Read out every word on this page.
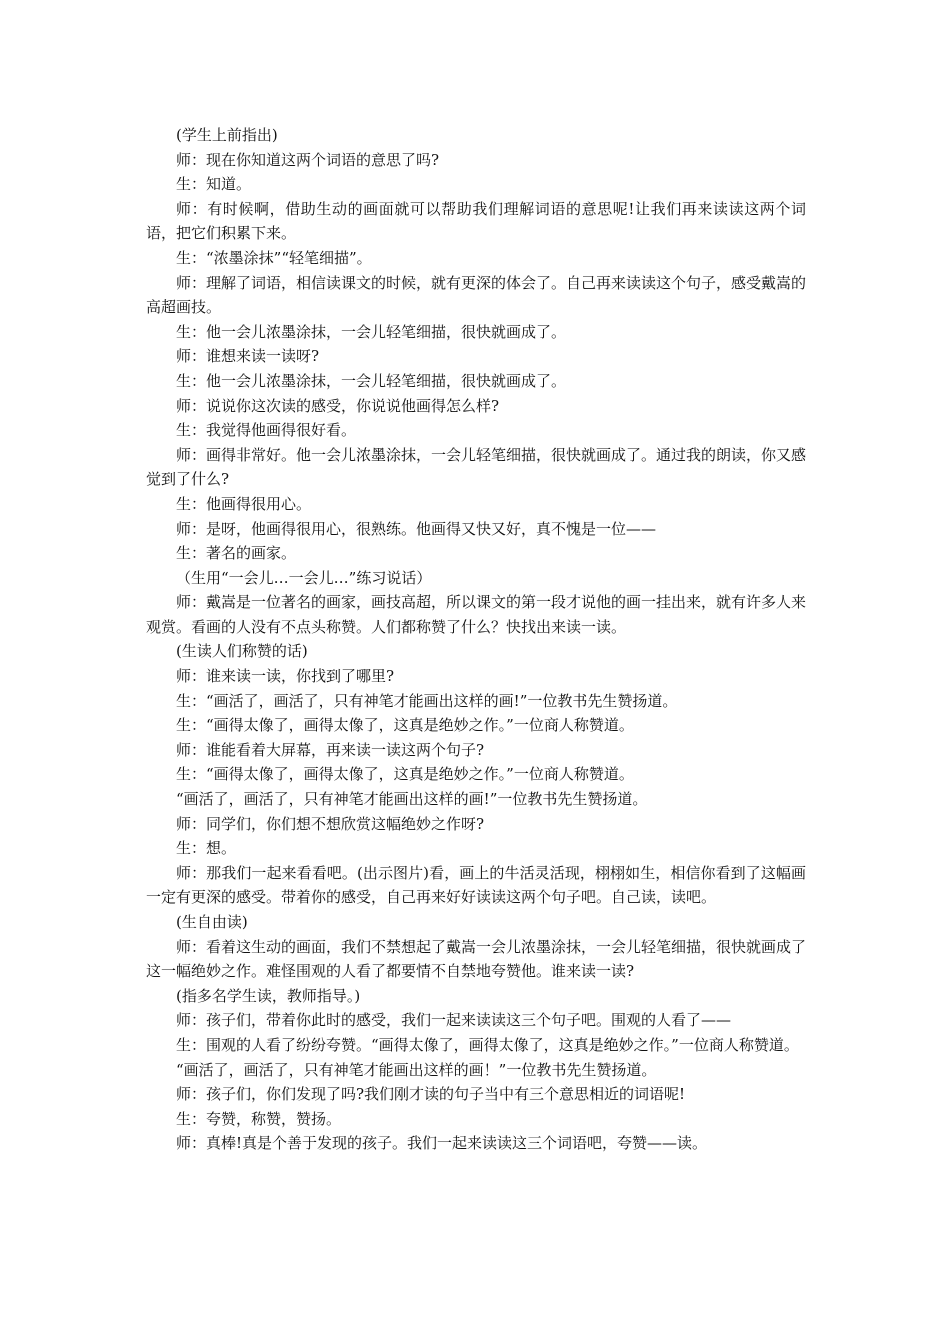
(学生上前指出)

师：现在你知道这两个词语的意思了吗?

生：知道。

师：有时候啊，借助生动的画面就可以帮助我们理解词语的意思呢!让我们再来读读这两个词语，把它们积累下来。

生：“浓墨涂抹”“轻笔细描”。

师：理解了词语，相信读课文的时候，就有更深的体会了。自己再来读读这个句子，感受戴嵩的高超画技。

生：他一会儿浓墨涂抹，一会儿轻笔细描，很快就画成了。

师：谁想来读一读呀?

生：他一会儿浓墨涂抹，一会儿轻笔细描，很快就画成了。

师：说说你这次读的感受，你说说他画得怎么样?

生：我觉得他画得很好看。

师：画得非常好。他一会儿浓墨涂抹，一会儿轻笔细描，很快就画成了。通过我的朗读，你又感觉到了什么?

生：他画得很用心。

师：是呀，他画得很用心，很熟练。他画得又快又好，真不愧是一位——

生：著名的画家。

（生用“一会儿…一会儿…”练习说话）

师：戴嵩是一位著名的画家，画技高超，所以课文的第一段才说他的画一挂出来，就有许多人来观赏。看画的人没有不点头称赞。人们都称赞了什么？快找出来读一读。

(生读人们称赞的话)

师：谁来读一读，你找到了哪里?

生：“画活了，画活了，只有神笔才能画出这样的画!”一位教书先生赞扬道。

生：“画得太像了，画得太像了，这真是绝妙之作。”一位商人称赞道。

师：谁能看着大屏幕，再来读一读这两个句子?

生：“画得太像了，画得太像了，这真是绝妙之作。”一位商人称赞道。

“画活了，画活了，只有神笔才能画出这样的画!”一位教书先生赞扬道。

师：同学们，你们想不想欣赏这幅绝妙之作呀?

生：想。

师：那我们一起来看看吧。(出示图片)看，画上的牛活灵活现，栩栩如生，相信你看到了这幅画一定有更深的感受。带着你的感受，自己再来好好读读这两个句子吧。自己读，读吧。

(生自由读)

师：看着这生动的画面，我们不禁想起了戴嵩一会儿浓墨涂抹，一会儿轻笔细描，很快就画成了这一幅绝妙之作。难怪围观的人看了都要情不自禁地夸赞他。谁来读一读?

(指多名学生读，教师指导。)

师：孩子们，带着你此时的感受，我们一起来读读这三个句子吧。围观的人看了——

生：围观的人看了纷纷夸赞。“画得太像了，画得太像了，这真是绝妙之作。”一位商人称赞道。

“画活了，画活了，只有神笔才能画出这样的画！”一位教书先生赞扬道。

师：孩子们，你们发现了吗?我们刚才读的句子当中有三个意思相近的词语呢!

生：夸赞，称赞，赞扬。

师：真棒!真是个善于发现的孩子。我们一起来读读这三个词语吧，夸赞——读。
